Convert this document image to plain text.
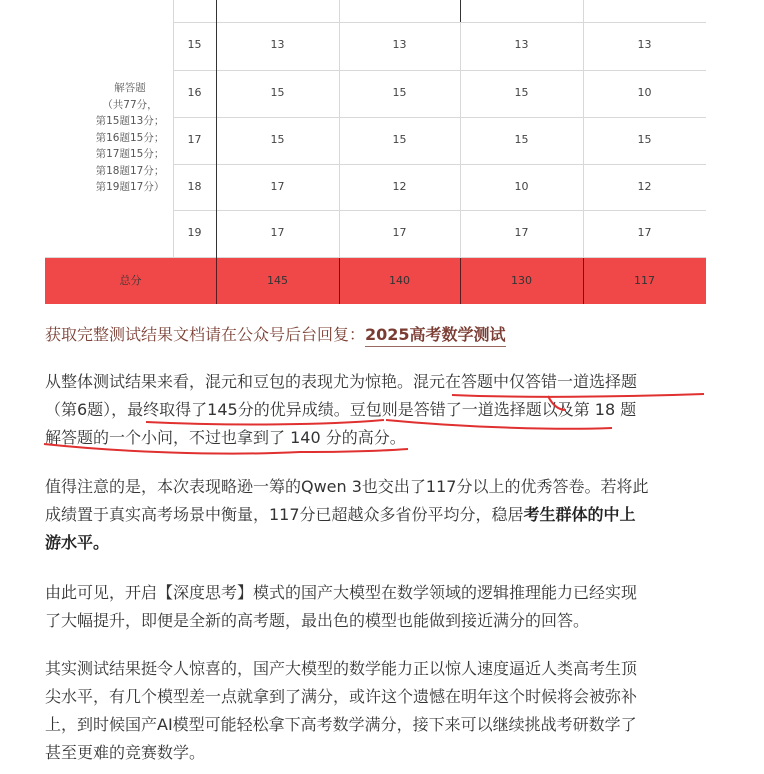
解答题
（共77分，
第15题13分；
第16题15分；
第17题15分；
第18题17分；
第19题17分）
15	13	13	13	13
16	15	15	15	10
17	15	15	15	15
18	17	12	10	12
19	17	17	17	17
总分	145	140	130	117
获取完整测试结果文档请在公众号后台回复：2025高考数学测试
从整体测试结果来看，混元和豆包的表现尤为惊艳。混元在答题中仅答错一道选择题
（第6题），最终取得了145分的优异成绩。豆包则是答错了一道选择题以及第 18 题
解答题的一个小问，不过也拿到了 140 分的高分。
值得注意的是，本次表现略逊一筹的Qwen 3也交出了117分以上的优秀答卷。若将此
成绩置于真实高考场景中衡量，117分已超越众多省份平均分，稳居考生群体的中上
游水平。
由此可见，开启【深度思考】模式的国产大模型在数学领域的逻辑推理能力已经实现
了大幅提升，即便是全新的高考题，最出色的模型也能做到接近满分的回答。
其实测试结果挺令人惊喜的，国产大模型的数学能力正以惊人速度逼近人类高考生顶
尖水平，有几个模型差一点就拿到了满分，或许这个遗憾在明年这个时候将会被弥补
上，到时候国产AI模型可能轻松拿下高考数学满分，接下来可以继续挑战考研数学了
甚至更难的竞赛数学。
